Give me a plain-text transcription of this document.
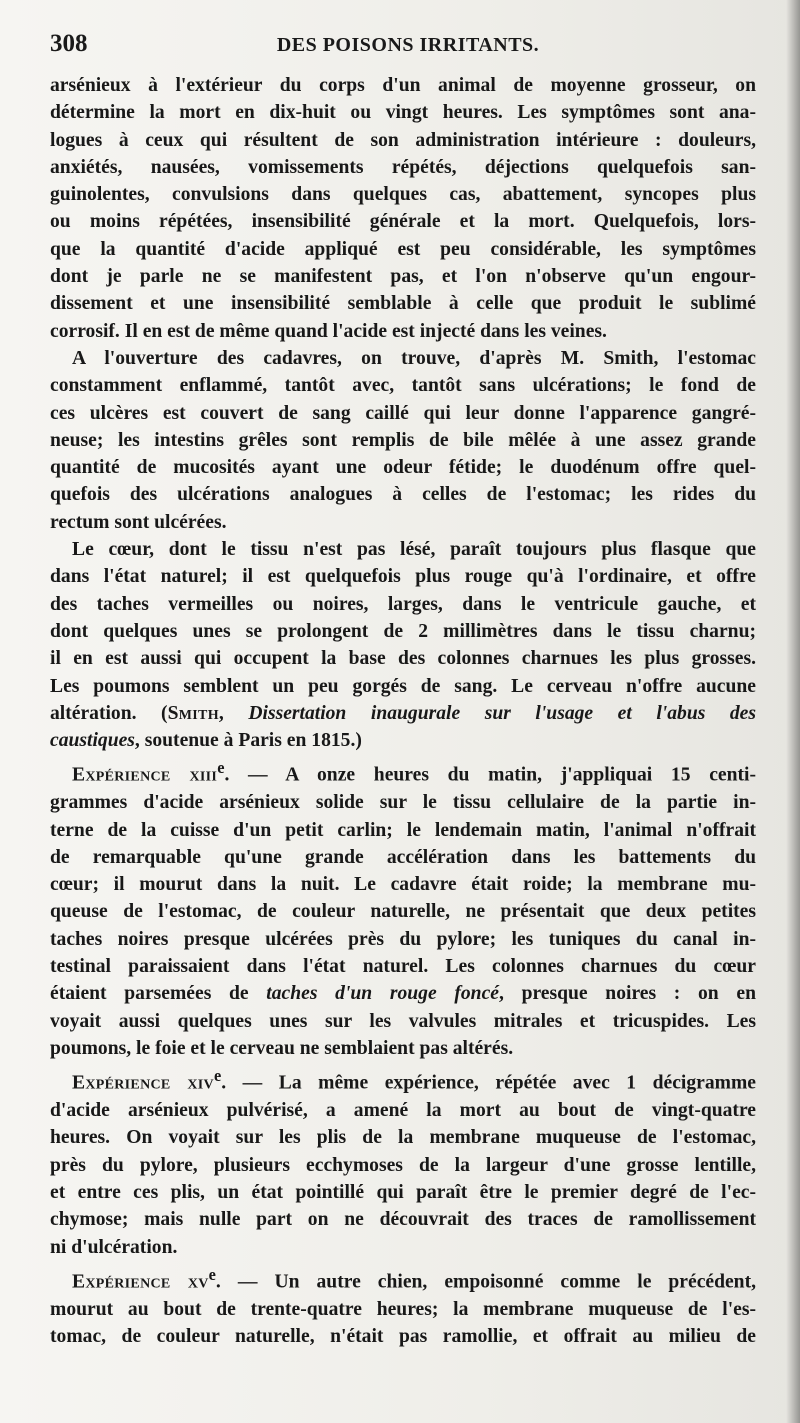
308	DES POISONS IRRITANTS.
arsénieux à l'extérieur du corps d'un animal de moyenne grosseur, on
détermine la mort en dix-huit ou vingt heures. Les symptômes sont ana-
logues à ceux qui résultent de son administration intérieure : douleurs,
anxiétés, nausées, vomissements répétés, déjections quelquefois san-
guinolentes, convulsions dans quelques cas, abattement, syncopes plus
ou moins répétées, insensibilité générale et la mort. Quelquefois, lors-
que la quantité d'acide appliqué est peu considérable, les symptômes
dont je parle ne se manifestent pas, et l'on n'observe qu'un engour-
dissement et une insensibilité semblable à celle que produit le sublimé
corrosif. Il en est de même quand l'acide est injecté dans les veines.
A l'ouverture des cadavres, on trouve, d'après M. Smith, l'estomac
constamment enflammé, tantôt avec, tantôt sans ulcérations; le fond de
ces ulcères est couvert de sang caillé qui leur donne l'apparence gangré-
neuse; les intestins grêles sont remplis de bile mêlée à une assez grande
quantité de mucosités ayant une odeur fétide; le duodénum offre quel-
quefois des ulcérations analogues à celles de l'estomac; les rides du
rectum sont ulcérées.
Le cœur, dont le tissu n'est pas lésé, paraît toujours plus flasque que
dans l'état naturel; il est quelquefois plus rouge qu'à l'ordinaire, et offre
des taches vermeilles ou noires, larges, dans le ventricule gauche, et
dont quelques unes se prolongent de 2 millimètres dans le tissu charnu;
il en est aussi qui occupent la base des colonnes charnues les plus grosses.
Les poumons semblent un peu gorgés de sang. Le cerveau n'offre aucune
altération. (Smith, Dissertation inaugurale sur l'usage et l'abus des
caustiques, soutenue à Paris en 1815.)
Expérience xiii$^e$. — A onze heures du matin, j'appliquai 15 centi-
grammes d'acide arsénieux solide sur le tissu cellulaire de la partie in-
terne de la cuisse d'un petit carlin; le lendemain matin, l'animal n'offrait
de remarquable qu'une grande accélération dans les battements du
cœur; il mourut dans la nuit. Le cadavre était roide; la membrane mu-
queuse de l'estomac, de couleur naturelle, ne présentait que deux petites
taches noires presque ulcérées près du pylore; les tuniques du canal in-
testinal paraissaient dans l'état naturel. Les colonnes charnues du cœur
étaient parsemées de taches d'un rouge foncé, presque noires : on en
voyait aussi quelques unes sur les valvules mitrales et tricuspides. Les
poumons, le foie et le cerveau ne semblaient pas altérés.
Expérience xiv$^e$. — La même expérience, répétée avec 1 décigramme
d'acide arsénieux pulvérisé, a amené la mort au bout de vingt-quatre
heures. On voyait sur les plis de la membrane muqueuse de l'estomac,
près du pylore, plusieurs ecchymoses de la largeur d'une grosse lentille,
et entre ces plis, un état pointillé qui paraît être le premier degré de l'ec-
chymose; mais nulle part on ne découvrait des traces de ramollissement
ni d'ulcération.
Expérience $xv^e$. — Un autre chien, empoisonné comme le précédent,
mourut au bout de trente-quatre heures; la membrane muqueuse de l'es-
tomac, de couleur naturelle, n'était pas ramollie, et offrait au milieu de
